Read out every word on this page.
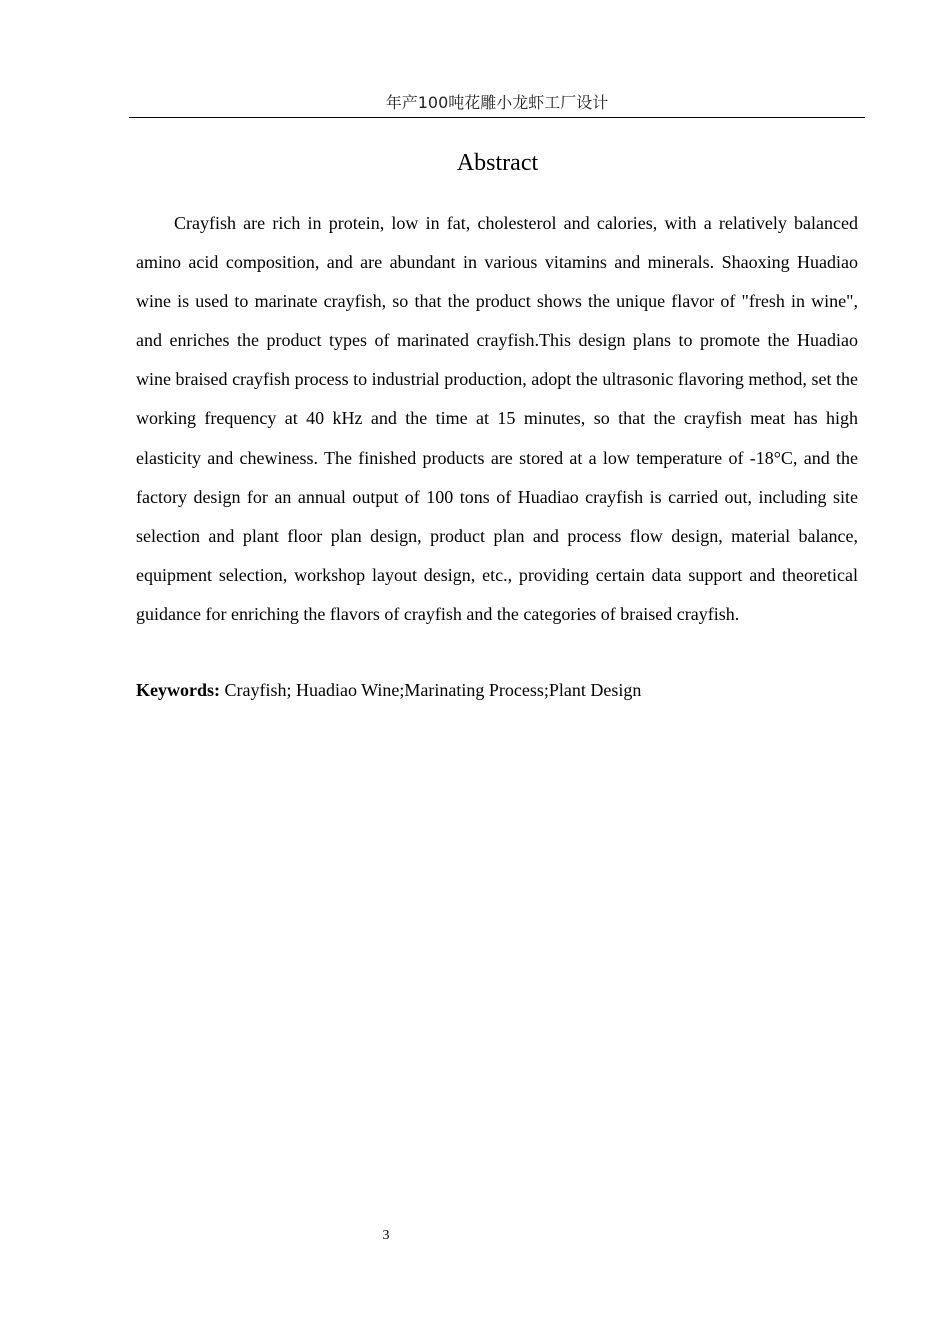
年产100吨花雕小龙虾工厂设计
Abstract

Crayfish are rich in protein, low in fat, cholesterol and calories, with a relatively balanced amino acid composition, and are abundant in various vitamins and minerals. Shaoxing Huadiao wine is used to marinate crayfish, so that the product shows the unique flavor of "fresh in wine", and enriches the product types of marinated crayfish.This design plans to promote the Huadiao wine braised crayfish process to industrial production, adopt the ultrasonic flavoring method, set the working frequency at 40 kHz and the time at 15 minutes, so that the crayfish meat has high elasticity and chewiness. The finished products are stored at a low temperature of -18°C, and the factory design for an annual output of 100 tons of Huadiao crayfish is carried out, including site selection and plant floor plan design, product plan and process flow design, material balance, equipment selection, workshop layout design, etc., providing certain data support and theoretical guidance for enriching the flavors of crayfish and the categories of braised crayfish.

Keywords: Crayfish; Huadiao Wine;Marinating Process;Plant Design

3
